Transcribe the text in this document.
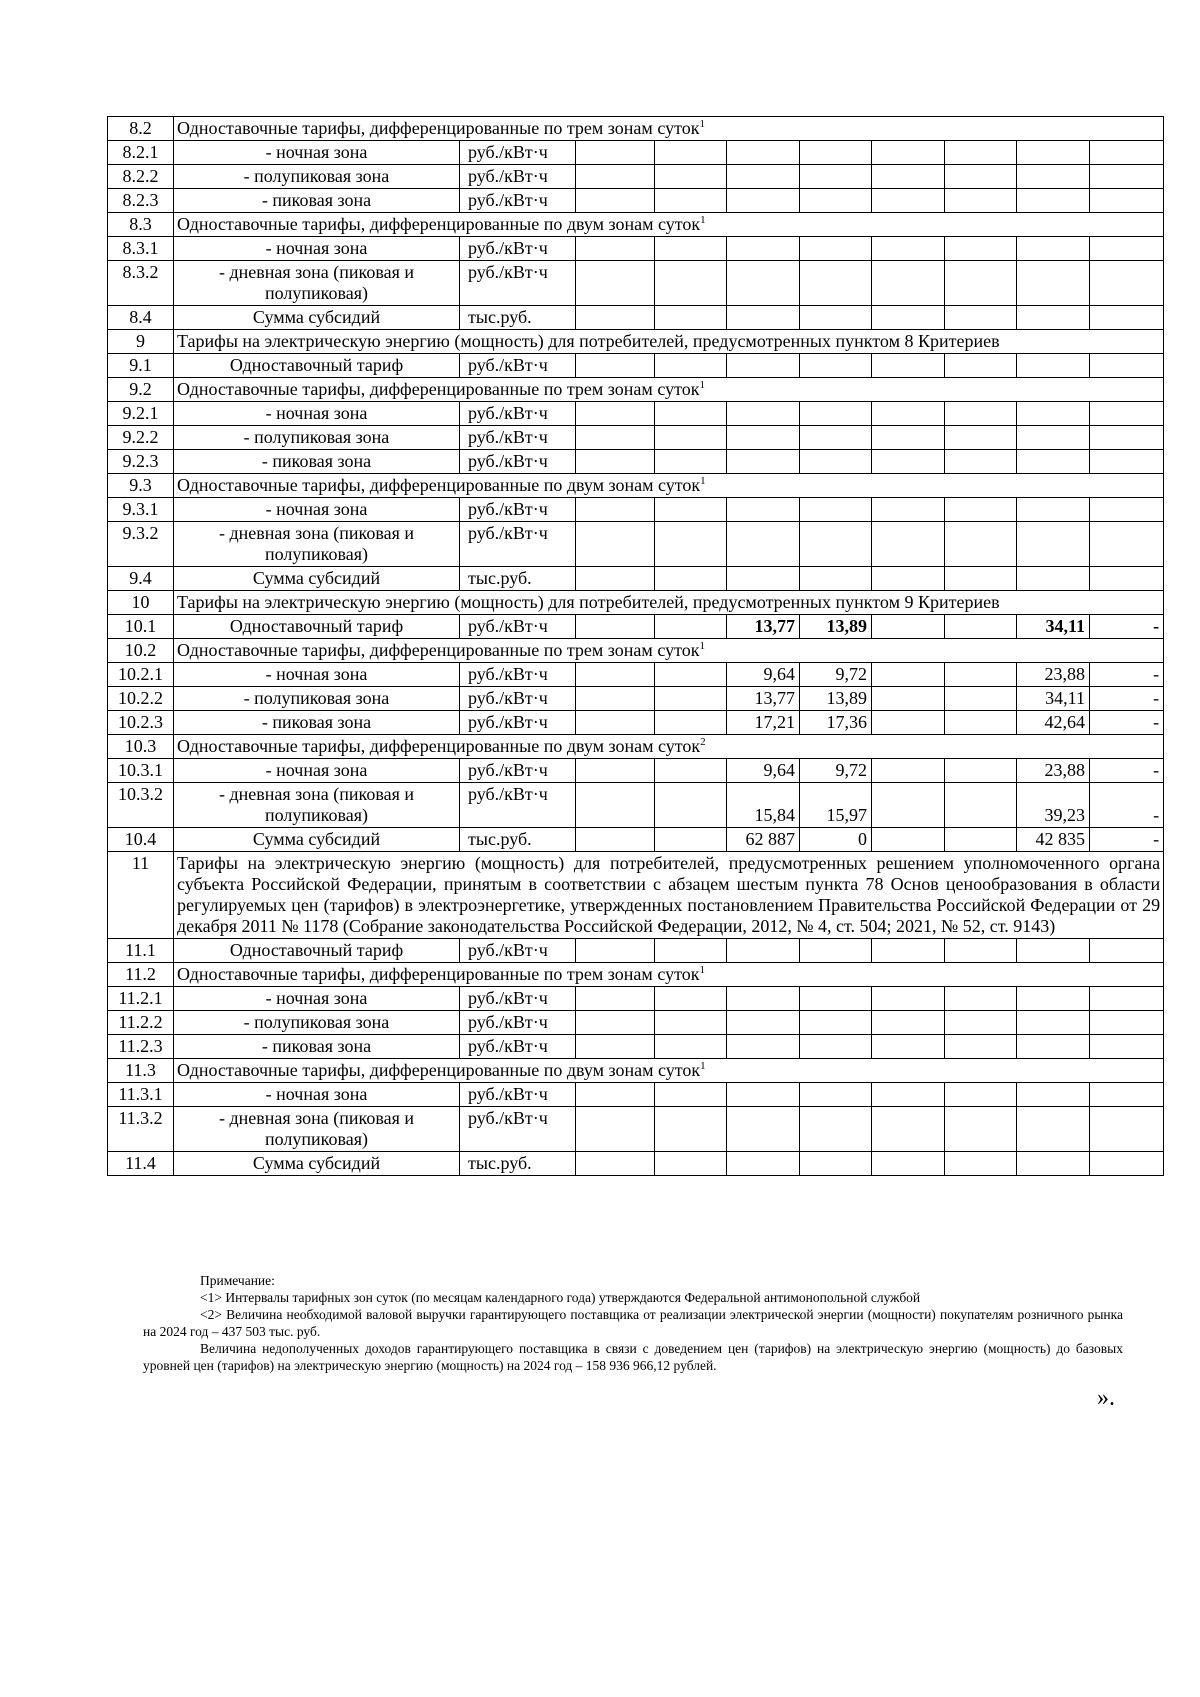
8.2	Одноставочные тарифы, дифференцированные по трем зонам суток$^1$
8.2.1	- ночная зона	руб./кВт·ч								
8.2.2	- полупиковая зона	руб./кВт·ч								
8.2.3	- пиковая зона	руб./кВт·ч								
8.3	Одноставочные тарифы, дифференцированные по двум зонам суток$^1$
8.3.1	- ночная зона	руб./кВт·ч								
8.3.2	- дневная зона (пиковая и полупиковая)	руб./кВт·ч								
8.4	Сумма субсидий	тыс.руб.								
9	Тарифы на электрическую энергию (мощность) для потребителей, предусмотренных пунктом 8 Критериев									
9.1	Одноставочный тариф	руб./кВт·ч								
9.2	Одноставочные тарифы, дифференцированные по трем зонам суток$^1$
9.2.1	- ночная зона	руб./кВт·ч								
9.2.2	- полупиковая зона	руб./кВт·ч								
9.2.3	- пиковая зона	руб./кВт·ч								
9.3	Одноставочные тарифы, дифференцированные по двум зонам суток$^1$
9.3.1	- ночная зона	руб./кВт·ч								
9.3.2	- дневная зона (пиковая и полупиковая)	руб./кВт·ч								
9.4	Сумма субсидий	тыс.руб.								
10	Тарифы на электрическую энергию (мощность) для потребителей, предусмотренных пунктом 9 Критериев									
10.1	Одноставочный тариф	руб./кВт·ч			13,77	13,89			34,11	-
10.2	Одноставочные тарифы, дифференцированные по трем зонам суток$^1$
10.2.1	- ночная зона	руб./кВт·ч			9,64	9,72			23,88	-
10.2.2	- полупиковая зона	руб./кВт·ч			13,77	13,89			34,11	-
10.2.3	- пиковая зона	руб./кВт·ч			17,21	17,36			42,64	-
10.3	Одноставочные тарифы, дифференцированные по двум зонам суток$^2$
10.3.1	- ночная зона	руб./кВт·ч			9,64	9,72			23,88	-
10.3.2	- дневная зона (пиковая и полупиковая)	руб./кВт·ч			15,84	15,97			39,23	-
10.4	Сумма субсидий	тыс.руб.			62 887	0			42 835	-
11	Тарифы на электрическую энергию (мощность) для потребителей, предусмотренных решением уполномоченного органа субъекта Российской Федерации, принятым в соответствии с абзацем шестым пункта 78 Основ ценообразования в области регулируемых цен (тарифов) в электроэнергетике, утвержденных постановлением Правительства Российской Федерации от 29 декабря 2011 № 1178 (Собрание законодательства Российской Федерации, 2012, № 4, ст. 504; 2021, № 52, ст. 9143)									
11.1	Одноставочный тариф	руб./кВт·ч								
11.2	Одноставочные тарифы, дифференцированные по трем зонам суток$^1$
11.2.1	- ночная зона	руб./кВт·ч								
11.2.2	- полупиковая зона	руб./кВт·ч								
11.2.3	- пиковая зона	руб./кВт·ч								
11.3	Одноставочные тарифы, дифференцированные по двум зонам суток$^1$
11.3.1	- ночная зона	руб./кВт·ч								
11.3.2	- дневная зона (пиковая и полупиковая)	руб./кВт·ч								
11.4	Сумма субсидий	тыс.руб.								

Примечание:

<1> Интервалы тарифных зон суток (по месяцам календарного года) утверждаются Федеральной антимонопольной службой

<2> Величина необходимой валовой выручки гарантирующего поставщика от реализации электрической энергии (мощности) покупателям розничного рынка на 2024 год – 437 503 тыс. руб.

Величина недополученных доходов гарантирующего поставщика в связи с доведением цен (тарифов) на электрическую энергию (мощность) до базовых уровней цен (тарифов) на электрическую энергию (мощность) на 2024 год – 158 936 966,12 рублей.

».
